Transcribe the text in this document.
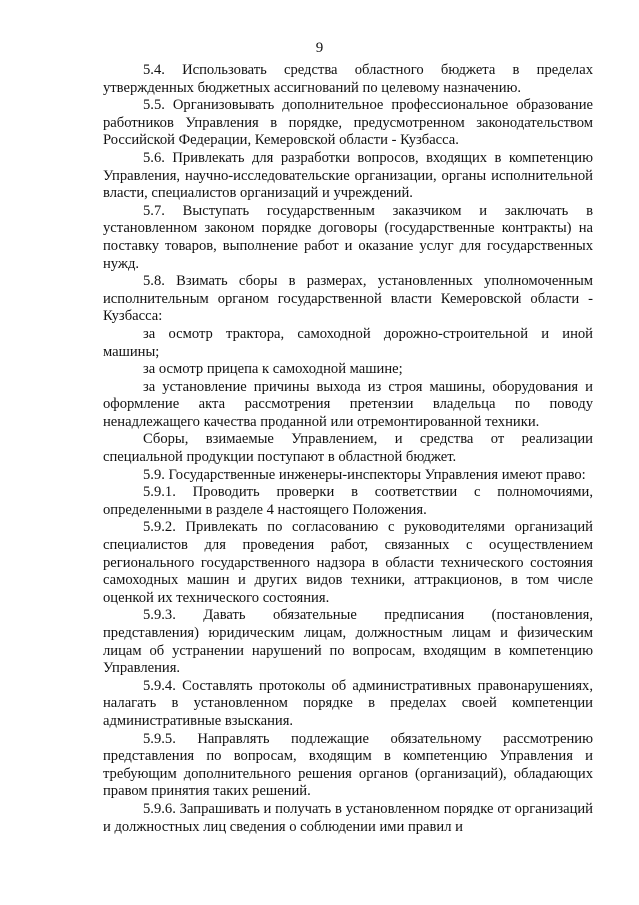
9

5.4. Использовать средства областного бюджета в пределах утвержденных бюджетных ассигнований по целевому назначению.

5.5. Организовывать дополнительное профессиональное образование работников Управления в порядке, предусмотренном законодательством Российской Федерации, Кемеровской области - Кузбасса.

5.6. Привлекать для разработки вопросов, входящих в компетенцию Управления, научно-исследовательские организации, органы исполнительной власти, специалистов организаций и учреждений.

5.7. Выступать государственным заказчиком и заключать в установленном законом порядке договоры (государственные контракты) на поставку товаров, выполнение работ и оказание услуг для государственных нужд.

5.8. Взимать сборы в размерах, установленных уполномоченным исполнительным органом государственной власти Кемеровской области - Кузбасса:

за осмотр трактора, самоходной дорожно-строительной и иной машины;

за осмотр прицепа к самоходной машине;

за установление причины выхода из строя машины, оборудования и оформление акта рассмотрения претензии владельца по поводу ненадлежащего качества проданной или отремонтированной техники.

Сборы, взимаемые Управлением, и средства от реализации специальной продукции поступают в областной бюджет.

5.9. Государственные инженеры-инспекторы Управления имеют право:

5.9.1. Проводить проверки в соответствии с полномочиями, определенными в разделе 4 настоящего Положения.

5.9.2. Привлекать по согласованию с руководителями организаций специалистов для проведения работ, связанных с осуществлением регионального государственного надзора в области технического состояния самоходных машин и других видов техники, аттракционов, в том числе оценкой их технического состояния.

5.9.3. Давать обязательные предписания (постановления, представления) юридическим лицам, должностным лицам и физическим лицам об устранении нарушений по вопросам, входящим в компетенцию Управления.

5.9.4. Составлять протоколы об административных правонарушениях, налагать в установленном порядке в пределах своей компетенции административные взыскания.

5.9.5. Направлять подлежащие обязательному рассмотрению представления по вопросам, входящим в компетенцию Управления и требующим дополнительного решения органов (организаций), обладающих правом принятия таких решений.

5.9.6. Запрашивать и получать в установленном порядке от организаций и должностных лиц сведения о соблюдении ими правил и
